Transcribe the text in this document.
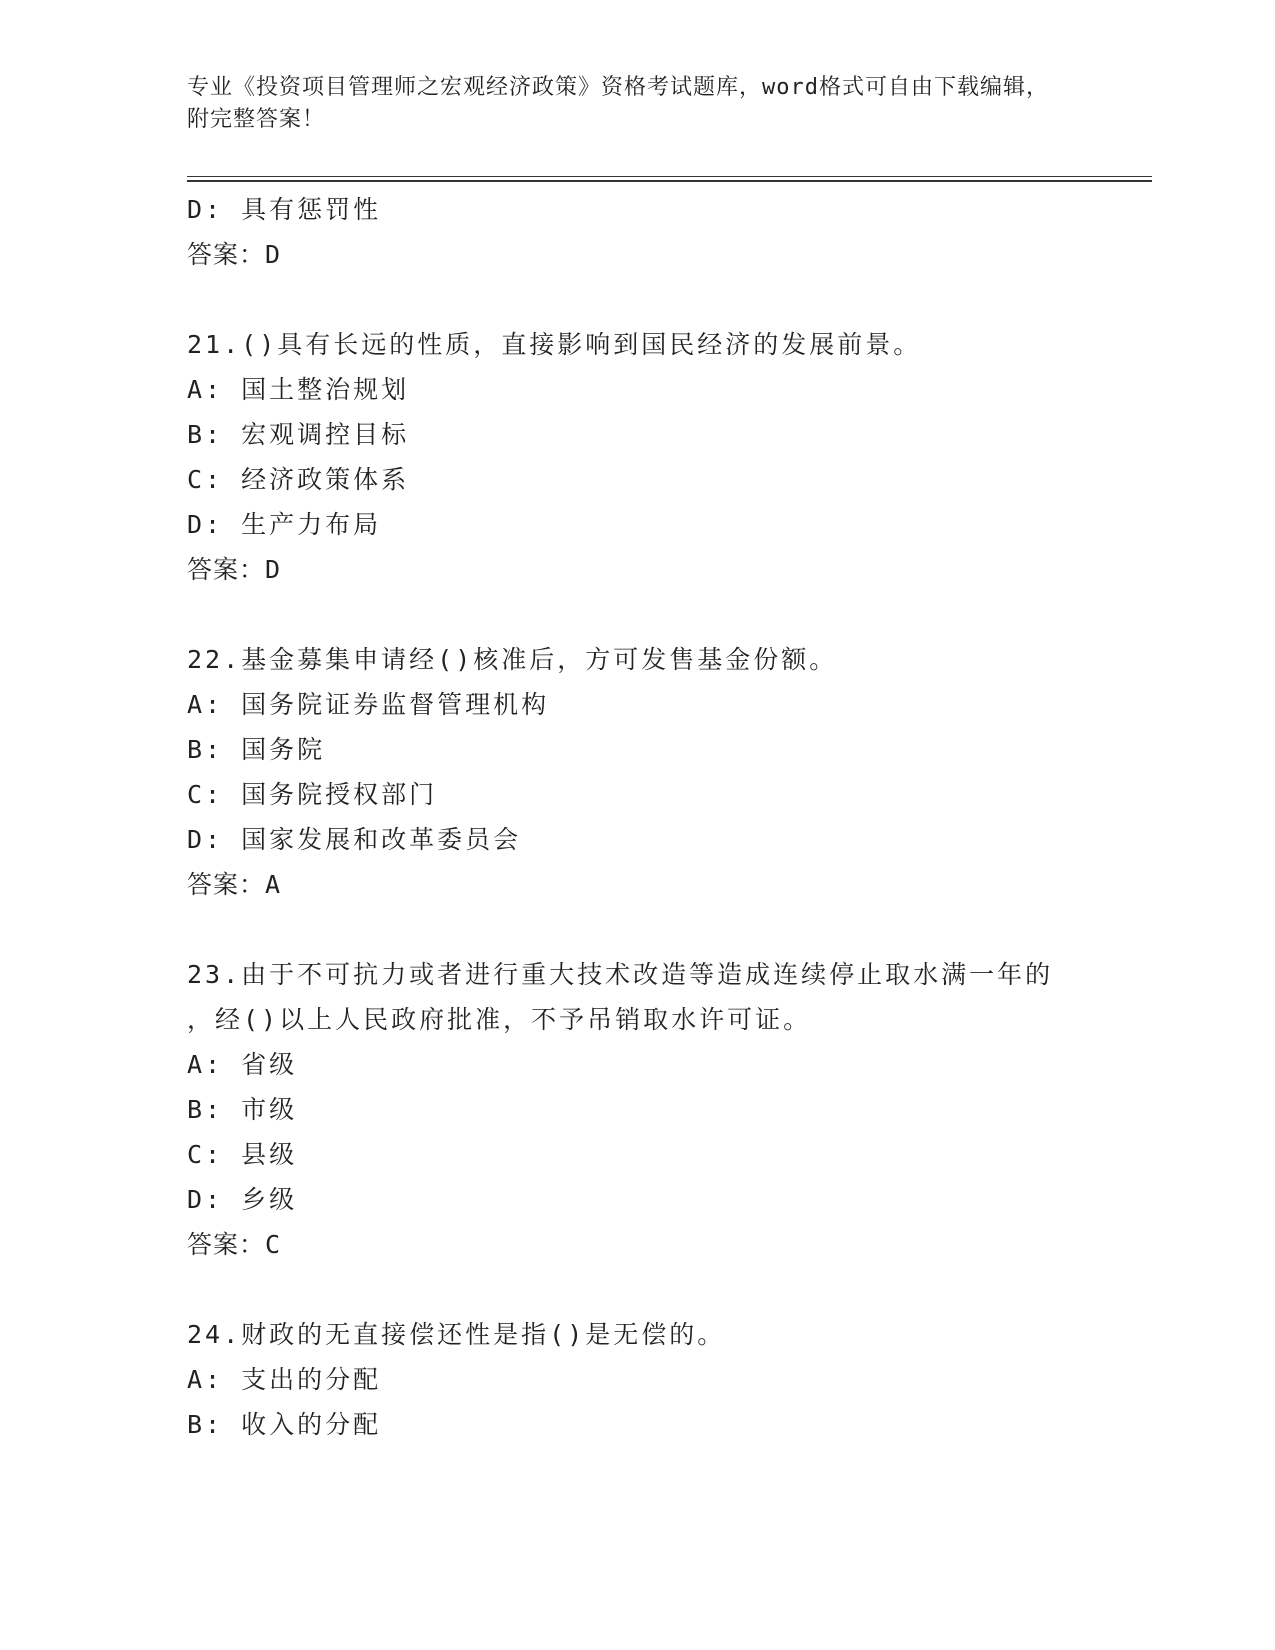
专业《投资项目管理师之宏观经济政策》资格考试题库，word格式可自由下载编辑，附完整答案！
D: 具有惩罚性
答案：D
21.()具有长远的性质，直接影响到国民经济的发展前景。
A: 国土整治规划
B: 宏观调控目标
C: 经济政策体系
D: 生产力布局
答案：D
22.基金募集申请经()核准后，方可发售基金份额。
A: 国务院证券监督管理机构
B: 国务院
C: 国务院授权部门
D: 国家发展和改革委员会
答案：A
23.由于不可抗力或者进行重大技术改造等造成连续停止取水满一年的
，经()以上人民政府批准，不予吊销取水许可证。
A: 省级
B: 市级
C: 县级
D: 乡级
答案：C
24.财政的无直接偿还性是指()是无偿的。
A: 支出的分配
B: 收入的分配
